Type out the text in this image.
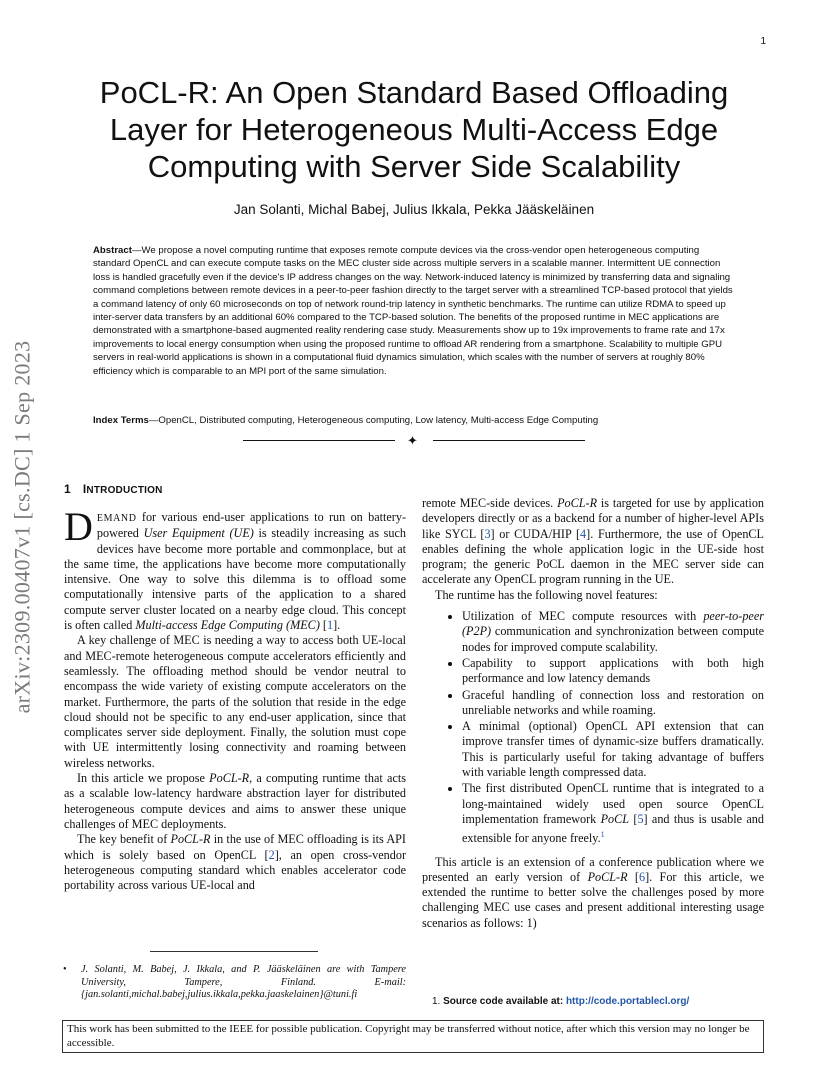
1
arXiv:2309.00407v1 [cs.DC] 1 Sep 2023
PoCL-R: An Open Standard Based Offloading Layer for Heterogeneous Multi-Access Edge Computing with Server Side Scalability
Jan Solanti, Michal Babej, Julius Ikkala, Pekka Jääskeläinen
Abstract—We propose a novel computing runtime that exposes remote compute devices via the cross-vendor open heterogeneous computing standard OpenCL and can execute compute tasks on the MEC cluster side across multiple servers in a scalable manner. Intermittent UE connection loss is handled gracefully even if the device's IP address changes on the way. Network-induced latency is minimized by transferring data and signaling command completions between remote devices in a peer-to-peer fashion directly to the target server with a streamlined TCP-based protocol that yields a command latency of only 60 microseconds on top of network round-trip latency in synthetic benchmarks. The runtime can utilize RDMA to speed up inter-server data transfers by an additional 60% compared to the TCP-based solution. The benefits of the proposed runtime in MEC applications are demonstrated with a smartphone-based augmented reality rendering case study. Measurements show up to 19x improvements to frame rate and 17x improvements to local energy consumption when using the proposed runtime to offload AR rendering from a smartphone. Scalability to multiple GPU servers in real-world applications is shown in a computational fluid dynamics simulation, which scales with the number of servers at roughly 80% efficiency which is comparable to an MPI port of the same simulation.
Index Terms—OpenCL, Distributed computing, Heterogeneous computing, Low latency, Multi-access Edge Computing
✦
1 INTRODUCTION

DEMAND for various end-user applications to run on battery-powered User Equipment (UE) is steadily increasing as such devices have become more portable and commonplace, but at the same time, the applications have become more computationally intensive. One way to solve this dilemma is to offload some computationally intensive parts of the application to a shared compute server cluster located on a nearby edge cloud. This concept is often called Multi-access Edge Computing (MEC) [1].

A key challenge of MEC is needing a way to access both UE-local and MEC-remote heterogeneous compute accelerators efficiently and seamlessly. The offloading method should be vendor neutral to encompass the wide variety of existing compute accelerators on the market. Furthermore, the parts of the solution that reside in the edge cloud should not be specific to any end-user application, since that complicates server side deployment. Finally, the solution must cope with UE intermittently losing connectivity and roaming between wireless networks.

In this article we propose PoCL-R, a computing runtime that acts as a scalable low-latency hardware abstraction layer for distributed heterogeneous compute devices and aims to answer these unique challenges of MEC deployments.

The key benefit of PoCL-R in the use of MEC offloading is its API which is solely based on OpenCL [2], an open cross-vendor heterogeneous computing standard which enables accelerator code portability across various UE-local and

remote MEC-side devices. PoCL-R is targeted for use by application developers directly or as a backend for a number of higher-level APIs like SYCL [3] or CUDA/HIP [4]. Furthermore, the use of OpenCL enables defining the whole application logic in the UE-side host program; the generic PoCL daemon in the MEC server side can accelerate any OpenCL program running in the UE.

The runtime has the following novel features:

• Utilization of MEC compute resources with peer-to-peer (P2P) communication and synchronization between compute nodes for improved compute scalability.
• Capability to support applications with both high performance and low latency demands
• Graceful handling of connection loss and restoration on unreliable networks and while roaming.
• A minimal (optional) OpenCL API extension that can improve transfer times of dynamic-size buffers dramatically. This is particularly useful for taking advantage of buffers with variable length compressed data.
• The first distributed OpenCL runtime that is integrated to a long-maintained widely used open source OpenCL implementation framework PoCL [5] and thus is usable and extensible for anyone freely.$^1$

This article is an extension of a conference publication where we presented an early version of PoCL-R [6]. For this article, we extended the runtime to better solve the challenges posed by more challenging MEC use cases and present additional interesting usage scenarios as follows: 1)

• J. Solanti, M. Babej, J. Ikkala, and P. Jääskeläinen are with Tampere University, Tampere, Finland. E-mail: {jan.solanti,michal.babej,julius.ikkala,pekka.jaaskelainen}@tuni.fi
1. Source code available at: http://code.portablecl.org/
This work has been submitted to the IEEE for possible publication. Copyright may be transferred without notice, after which this version may no longer be accessible.
